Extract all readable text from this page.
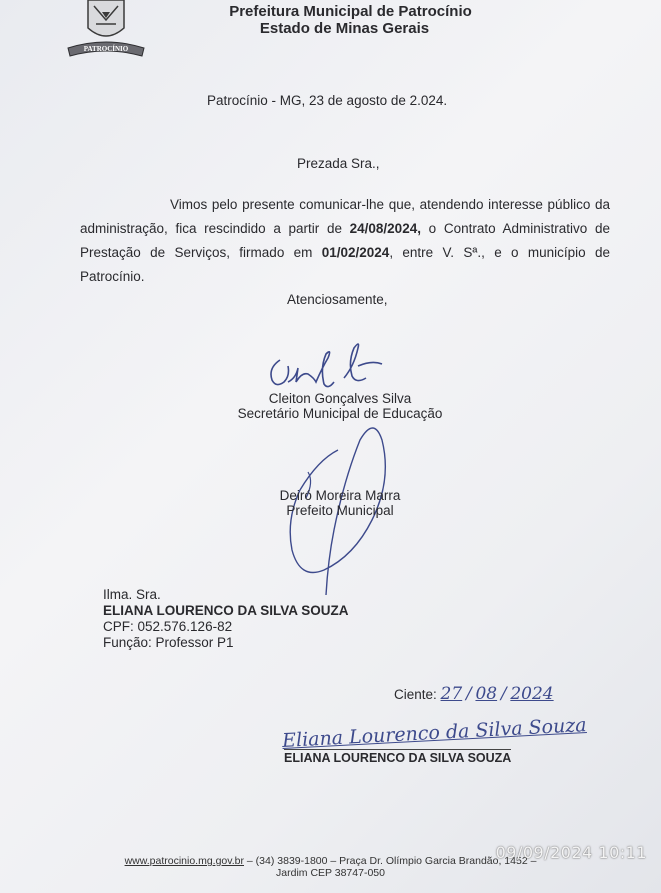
PATROCÍNIO
Prefeitura Municipal de Patrocínio
Estado de Minas Gerais
Patrocínio - MG, 23 de agosto de 2.024.
Prezada Sra.,
Vimos pelo presente comunicar-lhe que, atendendo interesse público da administração, fica rescindido a partir de 24/08/2024, o Contrato Administrativo de Prestação de Serviços, firmado em 01/02/2024, entre V. Sª., e o município de Patrocínio.
Atenciosamente,
Cleiton Gonçalves Silva
Secretário Municipal de Educação
Deiró Moreira Marra
Prefeito Municipal
Ilma. Sra.
ELIANA LOURENCO DA SILVA SOUZA
CPF: 052.576.126-82
Função: Professor P1
Ciente: 27 / 08 / 2024
Eliana Lourenco da Silva Souza
ELIANA LOURENCO DA SILVA SOUZA
www.patrocinio.mg.gov.br – (34) 3839-1800 – Praça Dr. Olímpio Garcia Brandão, 1452 –
Jardim CEP 38747-050
09/09/2024 10:11
